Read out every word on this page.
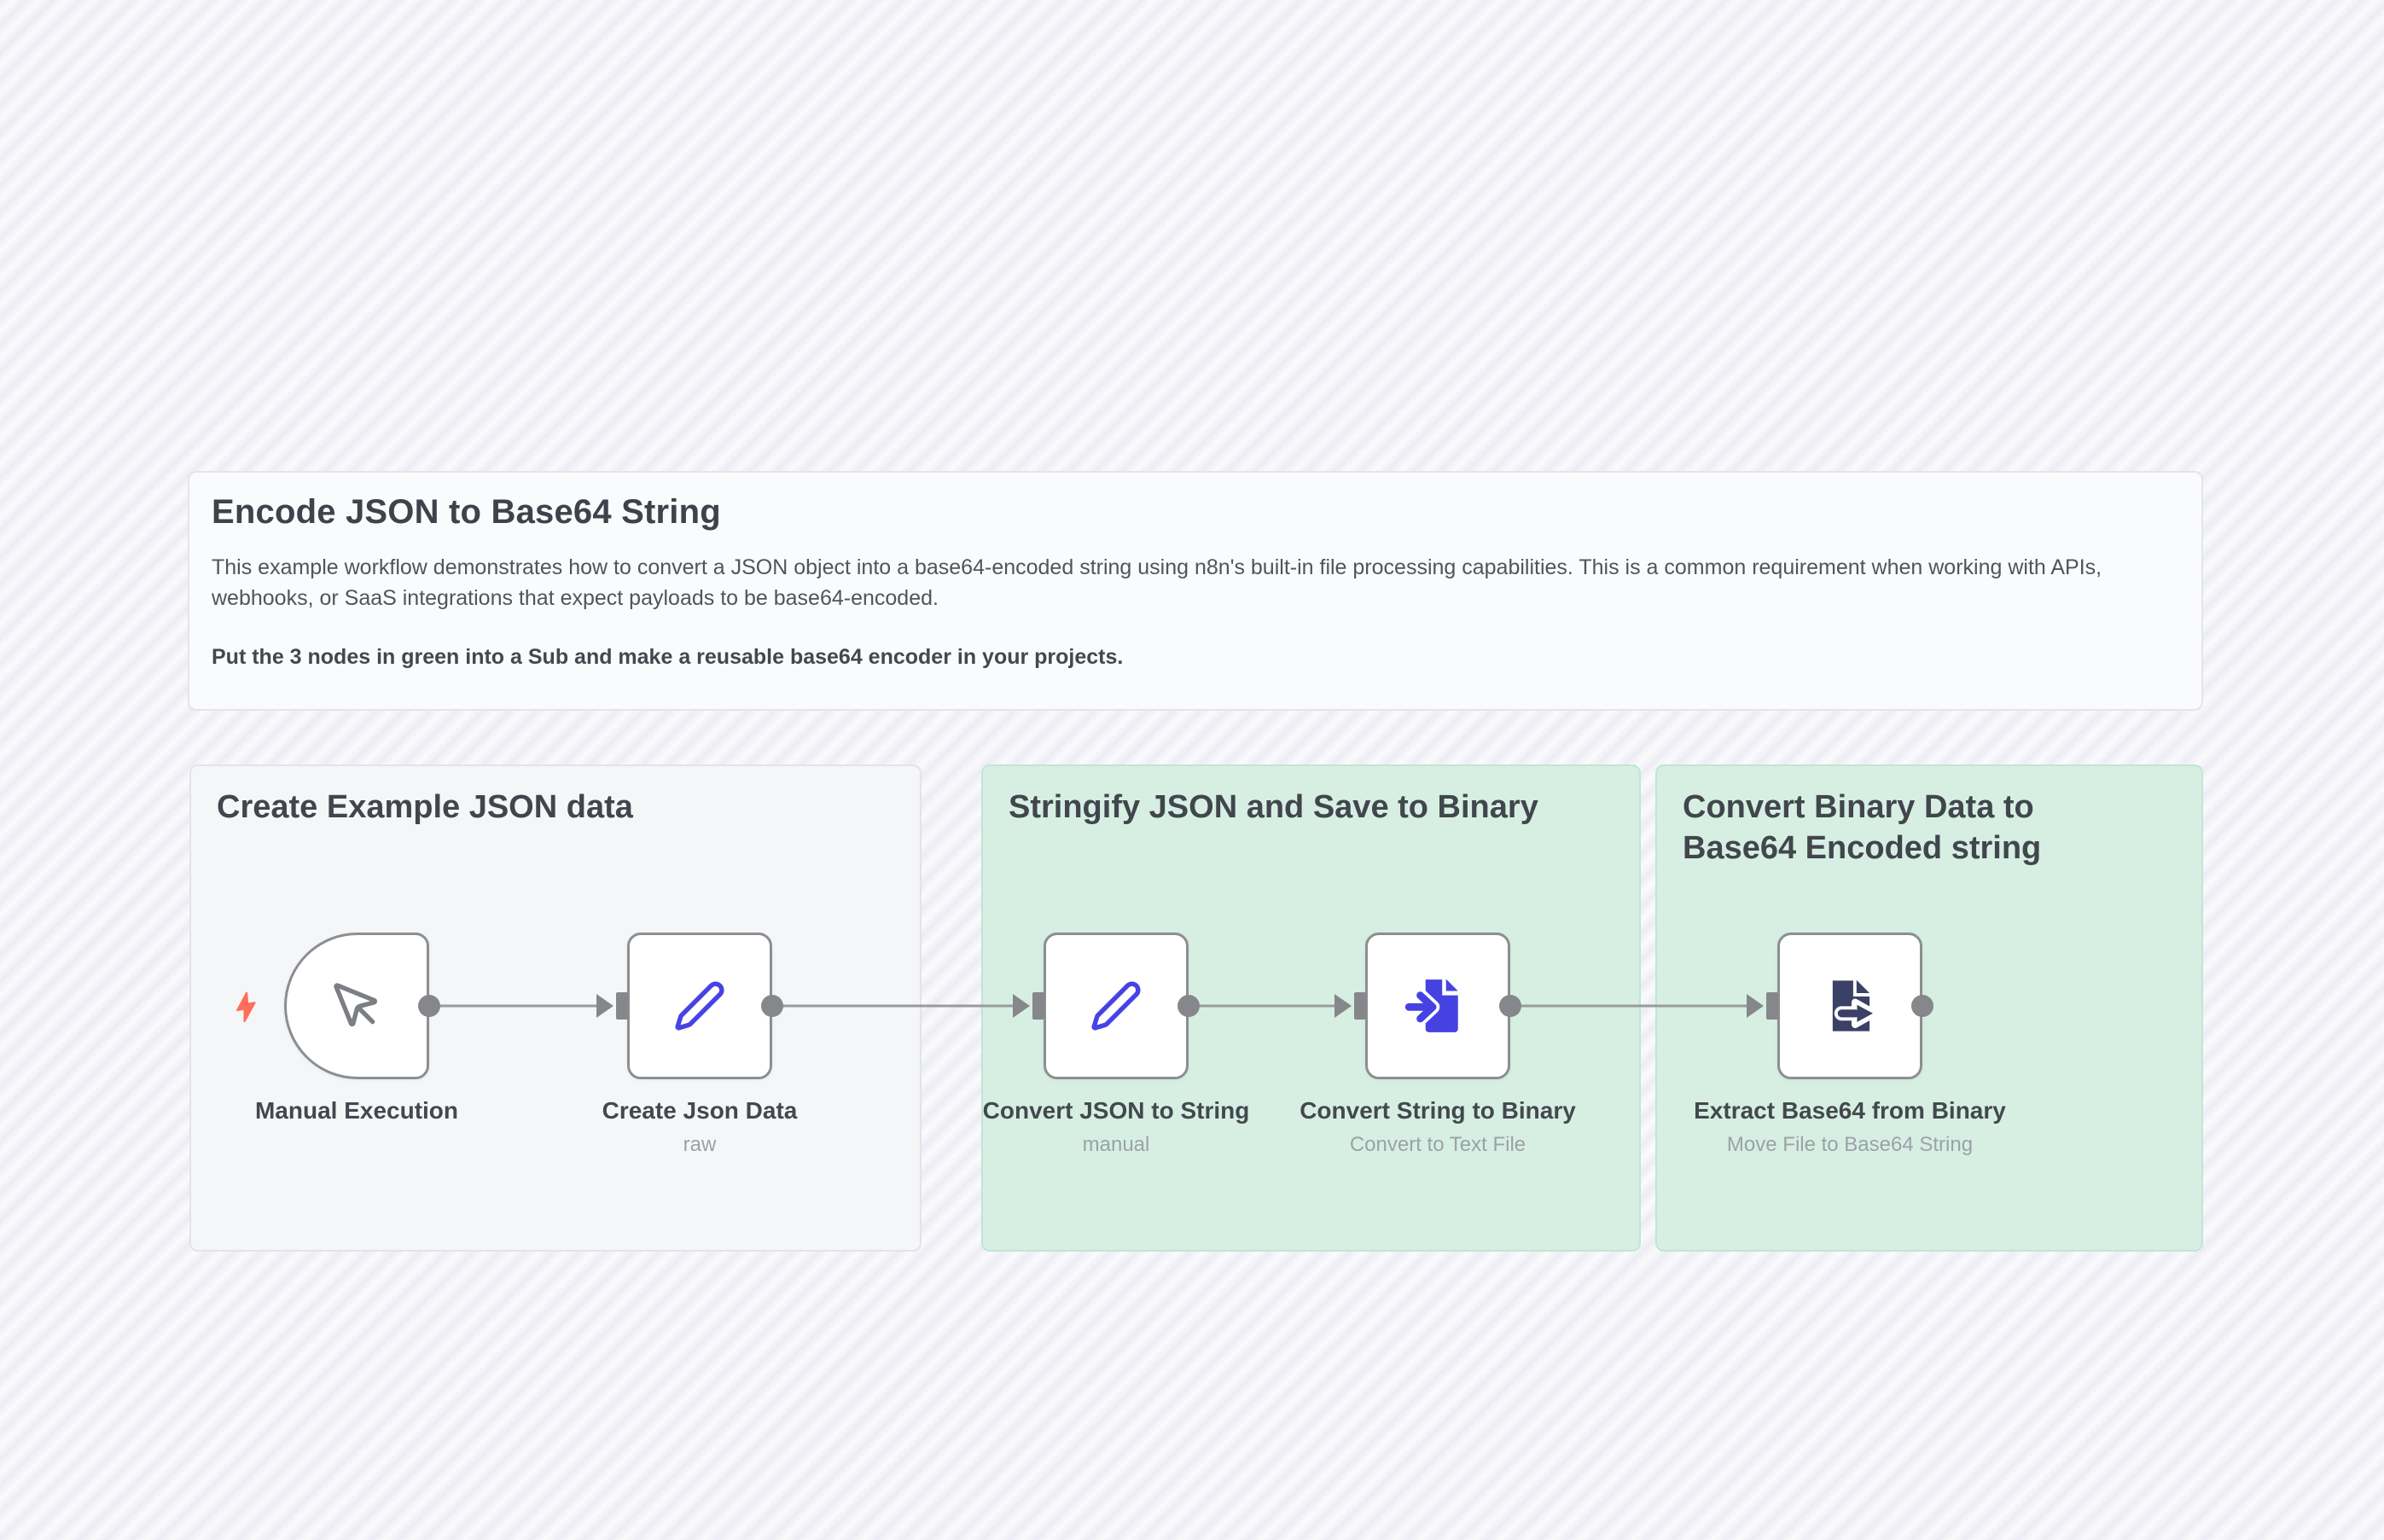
Encode JSON to Base64 String

This example workflow demonstrates how to convert a JSON object into a base64-encoded string using n8n's built-in file processing capabilities. This is a common requirement when working with APIs, webhooks, or SaaS integrations that expect payloads to be base64-encoded.

Put the 3 nodes in green into a Sub and make a reusable base64 encoder in your projects.

Create Example JSON data	Stringify JSON and Save to Binary	Convert Binary Data to Base64 Encoded string
Manual Execution	Create Json Data
raw
Convert JSON to String
manual
Convert String to Binary
Convert to Text File
Extract Base64 from Binary
Move File to Base64 String
